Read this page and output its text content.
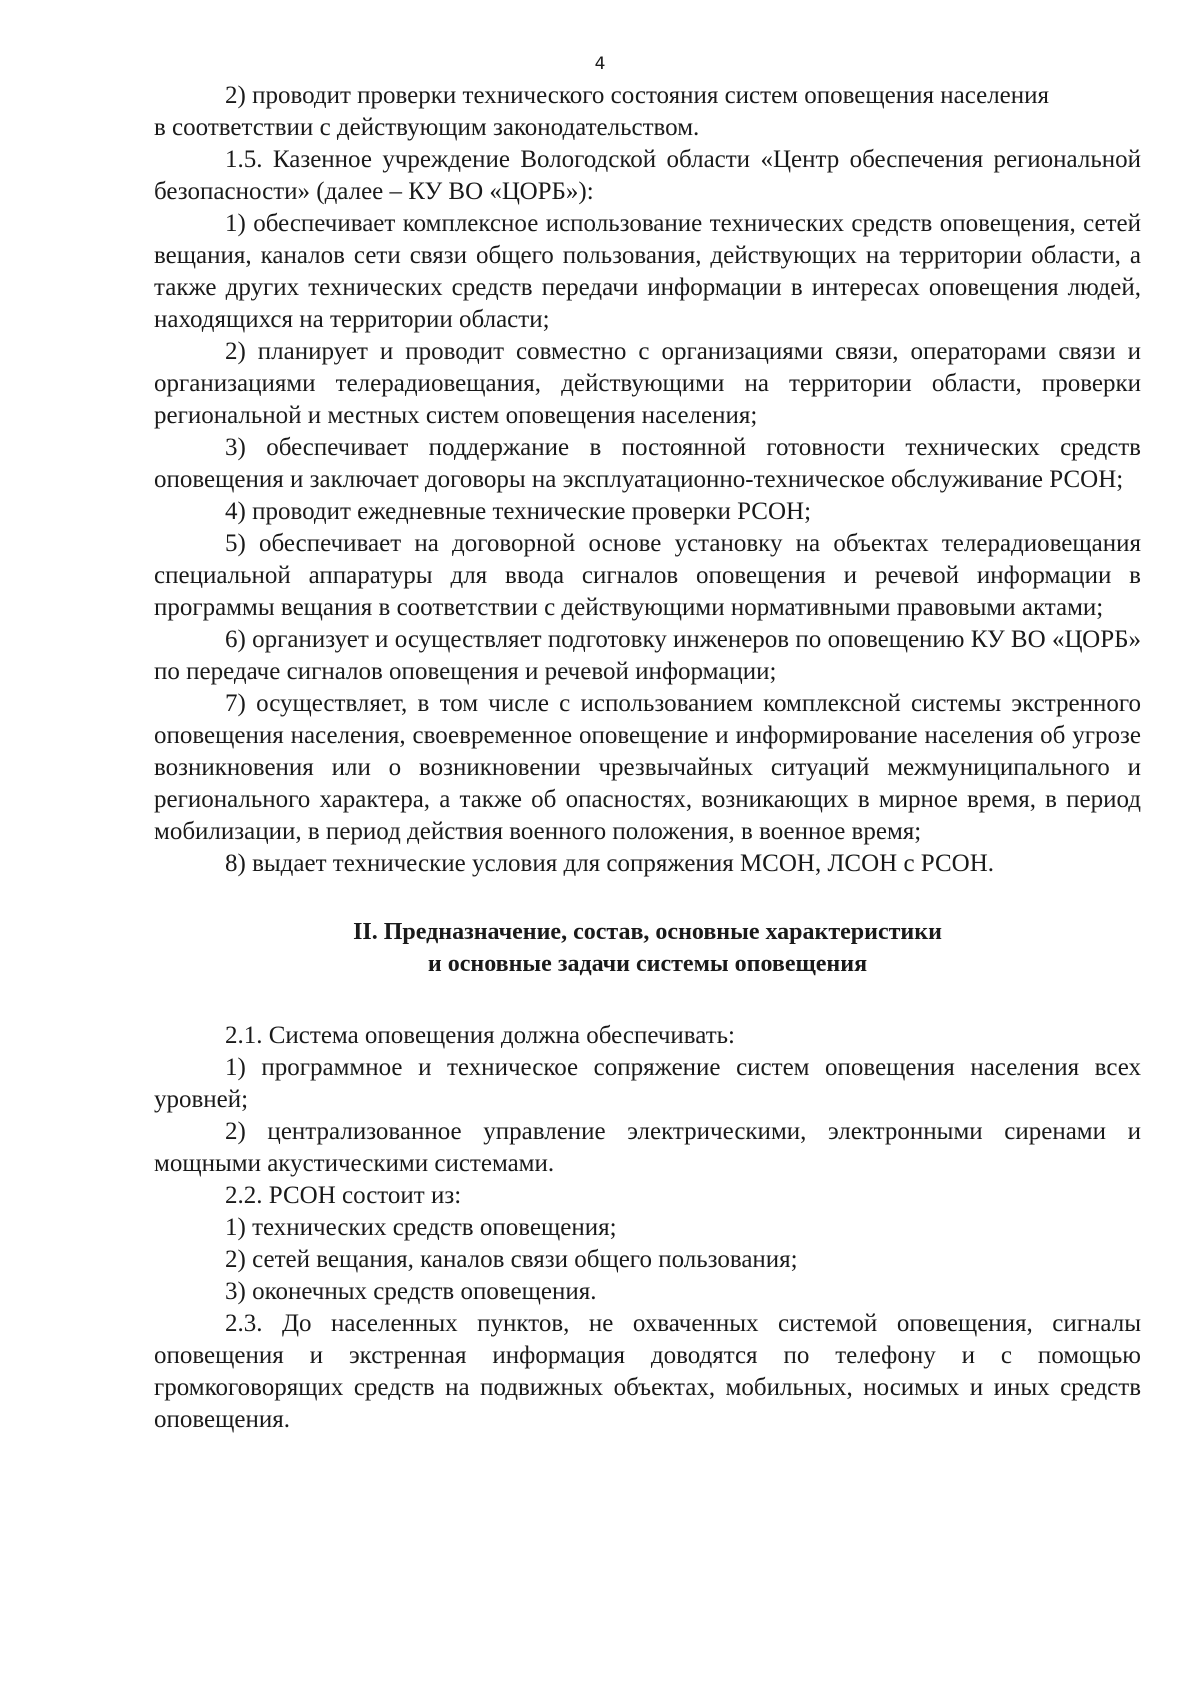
4

2) проводит проверки технического состояния систем оповещения населения

в соответствии с действующим законодательством.

1.5. Казенное учреждение Вологодской области «Центр обеспечения региональной безопасности» (далее – КУ ВО «ЦОРБ»):

1) обеспечивает комплексное использование технических средств оповещения, сетей вещания, каналов сети связи общего пользования, действующих на территории области, а также других технических средств передачи информации в интересах оповещения людей, находящихся на территории области;

2) планирует и проводит совместно с организациями связи, операторами связи и организациями телерадиовещания, действующими на территории области, проверки региональной и местных систем оповещения населения;

3) обеспечивает поддержание в постоянной готовности технических средств оповещения и заключает договоры на эксплуатационно-техническое обслуживание РСОН;

4) проводит ежедневные технические проверки РСОН;

5) обеспечивает на договорной основе установку на объектах телерадиовещания специальной аппаратуры для ввода сигналов оповещения и речевой информации в программы вещания в соответствии с действующими нормативными правовыми актами;

6) организует и осуществляет подготовку инженеров по оповещению КУ ВО «ЦОРБ» по передаче сигналов оповещения и речевой информации;

7) осуществляет, в том числе с использованием комплексной системы экстренного оповещения населения, своевременное оповещение и информирование населения об угрозе возникновения или о возникновении чрезвычайных ситуаций межмуниципального и регионального характера, а также об опасностях, возникающих в мирное время, в период мобилизации, в период действия военного положения, в военное время;

8) выдает технические условия для сопряжения МСОН, ЛСОН с РСОН.

II. Предназначение, состав, основные характеристики
и основные задачи системы оповещения

2.1. Система оповещения должна обеспечивать:

1) программное и техническое сопряжение систем оповещения населения всех уровней;

2) централизованное управление электрическими, электронными сиренами и мощными акустическими системами.

2.2. РСОН состоит из:

1) технических средств оповещения;

2) сетей вещания, каналов связи общего пользования;

3) оконечных средств оповещения.

2.3. До населенных пунктов, не охваченных системой оповещения, сигналы оповещения и экстренная информация доводятся по телефону и с помощью громкоговорящих средств на подвижных объектах, мобильных, носимых и иных средств оповещения.
